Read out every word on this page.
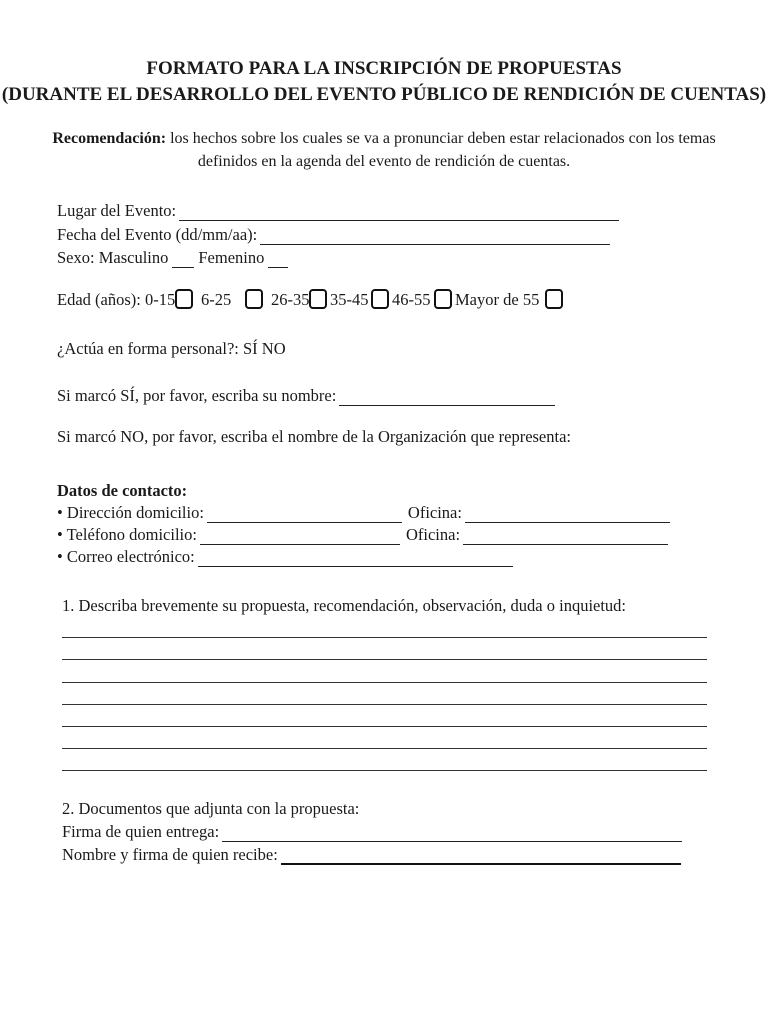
FORMATO PARA LA INSCRIPCIÓN DE PROPUESTAS
(DURANTE EL DESARROLLO DEL EVENTO PÚBLICO DE RENDICIÓN DE CUENTAS)
Recomendación: los hechos sobre los cuales se va a pronunciar deben estar relacionados con los temas
definidos en la agenda del evento de rendición de cuentas.
Lugar del Evento:
Fecha del Evento (dd/mm/aa):
Sexo: Masculino Femenino
Edad (años): 0-15 6-25 26-35 35-45 46-55 Mayor de 55
¿Actúa en forma personal?: SÍ NO
Si marcó SÍ, por favor, escriba su nombre:
Si marcó NO, por favor, escriba el nombre de la Organización que representa:
Datos de contacto:
• Dirección domicilio:	Oficina:
• Teléfono domicilio:	Oficina:
• Correo electrónico:
1. Describa brevemente su propuesta, recomendación, observación, duda o inquietud:
2. Documentos que adjunta con la propuesta:
Firma de quien entrega:
Nombre y firma de quien recibe:
